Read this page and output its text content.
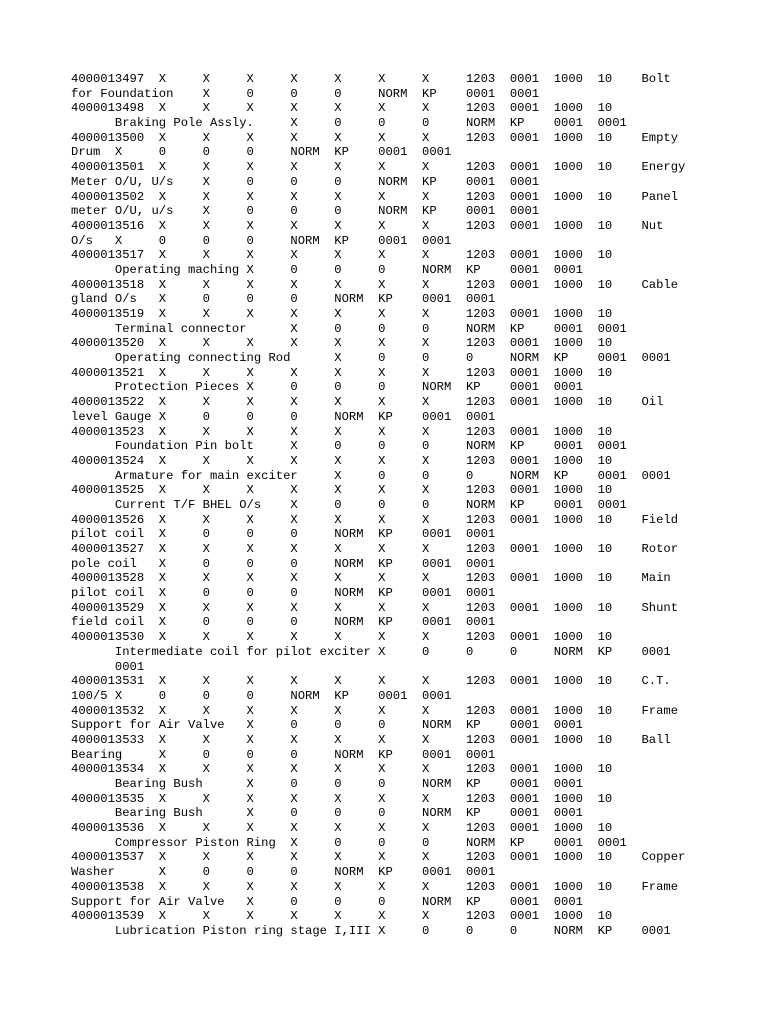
4000013497  X     X     X     X     X     X     X     1203  0001  1000  10    Bolt
for Foundation    X     0     0     0     NORM  KP    0001  0001
4000013498  X     X     X     X     X     X     X     1203  0001  1000  10
Braking Pole Assly.     X     0     0     0     NORM  KP    0001  0001
4000013500  X     X     X     X     X     X     X     1203  0001  1000  10    Empty
Drum  X     0     0     0     NORM  KP    0001  0001
4000013501  X     X     X     X     X     X     X     1203  0001  1000  10    Energy
Meter O/U, U/s    X     0     0     0     NORM  KP    0001  0001
4000013502  X     X     X     X     X     X     X     1203  0001  1000  10    Panel
meter O/U, u/s    X     0     0     0     NORM  KP    0001  0001
4000013516  X     X     X     X     X     X     X     1203  0001  1000  10    Nut
O/s   X     0     0     0     NORM  KP    0001  0001
4000013517  X     X     X     X     X     X     X     1203  0001  1000  10
Operating maching X     0     0     0     NORM  KP    0001  0001
4000013518  X     X     X     X     X     X     X     1203  0001  1000  10    Cable
gland O/s   X     0     0     0     NORM  KP    0001  0001
4000013519  X     X     X     X     X     X     X     1203  0001  1000  10
Terminal connector      X     0     0     0     NORM  KP    0001  0001
4000013520  X     X     X     X     X     X     X     1203  0001  1000  10
Operating connecting Rod      X     0     0     0     NORM  KP    0001  0001
4000013521  X     X     X     X     X     X     X     1203  0001  1000  10
Protection Pieces X     0     0     0     NORM  KP    0001  0001
4000013522  X     X     X     X     X     X     X     1203  0001  1000  10    Oil
level Gauge X     0     0     0     NORM  KP    0001  0001
4000013523  X     X     X     X     X     X     X     1203  0001  1000  10
Foundation Pin bolt     X     0     0     0     NORM  KP    0001  0001
4000013524  X     X     X     X     X     X     X     1203  0001  1000  10
Armature for main exciter     X     0     0     0     NORM  KP    0001  0001
4000013525  X     X     X     X     X     X     X     1203  0001  1000  10
Current T/F BHEL O/s    X     0     0     0     NORM  KP    0001  0001
4000013526  X     X     X     X     X     X     X     1203  0001  1000  10    Field
pilot coil  X     0     0     0     NORM  KP    0001  0001
4000013527  X     X     X     X     X     X     X     1203  0001  1000  10    Rotor
pole coil   X     0     0     0     NORM  KP    0001  0001
4000013528  X     X     X     X     X     X     X     1203  0001  1000  10    Main
pilot coil  X     0     0     0     NORM  KP    0001  0001
4000013529  X     X     X     X     X     X     X     1203  0001  1000  10    Shunt
field coil  X     0     0     0     NORM  KP    0001  0001
4000013530  X     X     X     X     X     X     X     1203  0001  1000  10
Intermediate coil for pilot exciter X     0     0     0     NORM  KP    0001
0001
4000013531  X     X     X     X     X     X     X     1203  0001  1000  10    C.T.
100/5 X     0     0     0     NORM  KP    0001  0001
4000013532  X     X     X     X     X     X     X     1203  0001  1000  10    Frame
Support for Air Valve   X     0     0     0     NORM  KP    0001  0001
4000013533  X     X     X     X     X     X     X     1203  0001  1000  10    Ball
Bearing     X     0     0     0     NORM  KP    0001  0001
4000013534  X     X     X     X     X     X     X     1203  0001  1000  10
Bearing Bush      X     0     0     0     NORM  KP    0001  0001
4000013535  X     X     X     X     X     X     X     1203  0001  1000  10
Bearing Bush      X     0     0     0     NORM  KP    0001  0001
4000013536  X     X     X     X     X     X     X     1203  0001  1000  10
Compressor Piston Ring  X     0     0     0     NORM  KP    0001  0001
4000013537  X     X     X     X     X     X     X     1203  0001  1000  10    Copper
Washer      X     0     0     0     NORM  KP    0001  0001
4000013538  X     X     X     X     X     X     X     1203  0001  1000  10    Frame
Support for Air Valve   X     0     0     0     NORM  KP    0001  0001
4000013539  X     X     X     X     X     X     X     1203  0001  1000  10
Lubrication Piston ring stage I,III X     0     0     0     NORM  KP    0001
